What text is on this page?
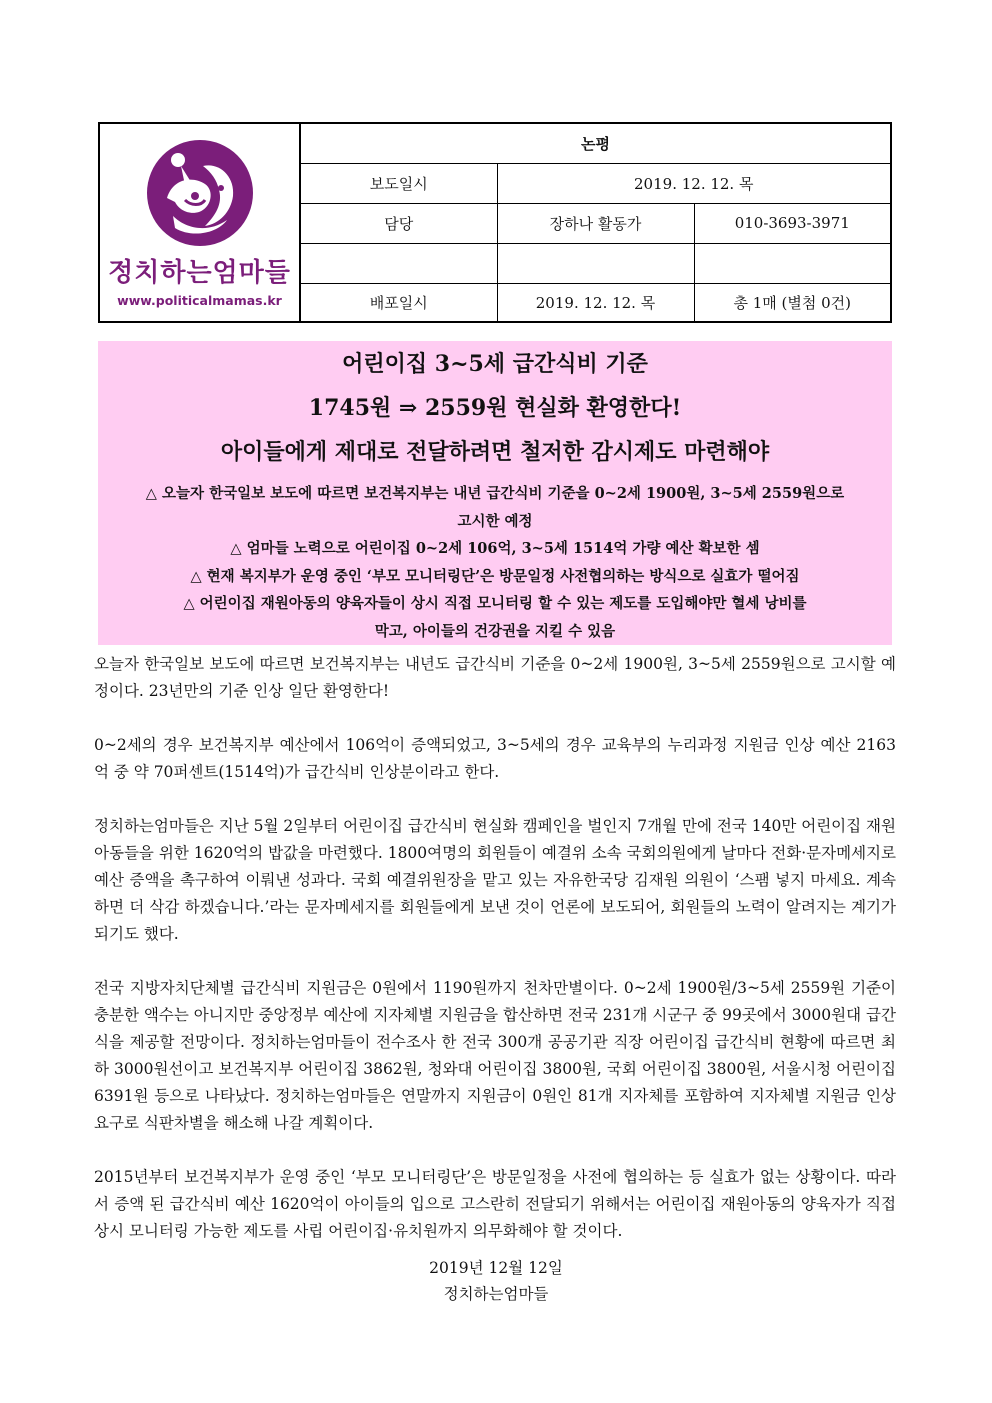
정치하는엄마들
www.politicalmamas.kr	논평		
	보도일시	2019. 12. 12. 목	
	담당	장하나 활동가	010-3693-3971

	배포일시	2019. 12. 12. 목	총 1매 (별첨 0건)
어린이집 3~5세 급간식비 기준
1745원 ⇒ 2559원 현실화 환영한다!
아이들에게 제대로 전달하려면 철저한 감시제도 마련해야
△ 오늘자 한국일보 보도에 따르면 보건복지부는 내년 급간식비 기준을 0~2세 1900원, 3~5세 2559원으로
고시한 예정
△ 엄마들 노력으로 어린이집 0~2세 106억, 3~5세 1514억 가량 예산 확보한 셈
△ 현재 복지부가 운영 중인 ‘부모 모니터링단’은 방문일정 사전협의하는 방식으로 실효가 떨어짐
△ 어린이집 재원아동의 양육자들이 상시 직접 모니터링 할 수 있는 제도를 도입해야만 혈세 낭비를
막고, 아이들의 건강권을 지킬 수 있음

오늘자 한국일보 보도에 따르면 보건복지부는 내년도 급간식비 기준을 0~2세 1900원, 3~5세 2559원으로 고시할 예정이다. 23년만의 기준 인상 일단 환영한다!

0~2세의 경우 보건복지부 예산에서 106억이 증액되었고, 3~5세의 경우 교육부의 누리과정 지원금 인상 예산 2163억 중 약 70퍼센트(1514억)가 급간식비 인상분이라고 한다.

정치하는엄마들은 지난 5월 2일부터 어린이집 급간식비 현실화 캠페인을 벌인지 7개월 만에 전국 140만 어린이집 재원아동들을 위한 1620억의 밥값을 마련했다. 1800여명의 회원들이 예결위 소속 국회의원에게 날마다 전화·문자메세지로 예산 증액을 촉구하여 이뤄낸 성과다. 국회 예결위원장을 맡고 있는 자유한국당 김재원 의원이 ‘스팸 넣지 마세요. 계속하면 더 삭감 하겠습니다.’라는 문자메세지를 회원들에게 보낸 것이 언론에 보도되어, 회원들의 노력이 알려지는 계기가 되기도 했다.

전국 지방자치단체별 급간식비 지원금은 0원에서 1190원까지 천차만별이다. 0~2세 1900원/3~5세 2559원 기준이 충분한 액수는 아니지만 중앙정부 예산에 지자체별 지원금을 합산하면 전국 231개 시군구 중 99곳에서 3000원대 급간식을 제공할 전망이다. 정치하는엄마들이 전수조사 한 전국 300개 공공기관 직장 어린이집 급간식비 현황에 따르면 최하 3000원선이고 보건복지부 어린이집 3862원, 청와대 어린이집 3800원, 국회 어린이집 3800원, 서울시청 어린이집 6391원 등으로 나타났다. 정치하는엄마들은 연말까지 지원금이 0원인 81개 지자체를 포함하여 지자체별 지원금 인상 요구로 식판차별을 해소해 나갈 계획이다.

2015년부터 보건복지부가 운영 중인 ‘부모 모니터링단’은 방문일정을 사전에 협의하는 등 실효가 없는 상황이다. 따라서 증액 된 급간식비 예산 1620억이 아이들의 입으로 고스란히 전달되기 위해서는 어린이집 재원아동의 양육자가 직접 상시 모니터링 가능한 제도를 사립 어린이집·유치원까지 의무화해야 할 것이다.

2019년 12월 12일
정치하는엄마들
